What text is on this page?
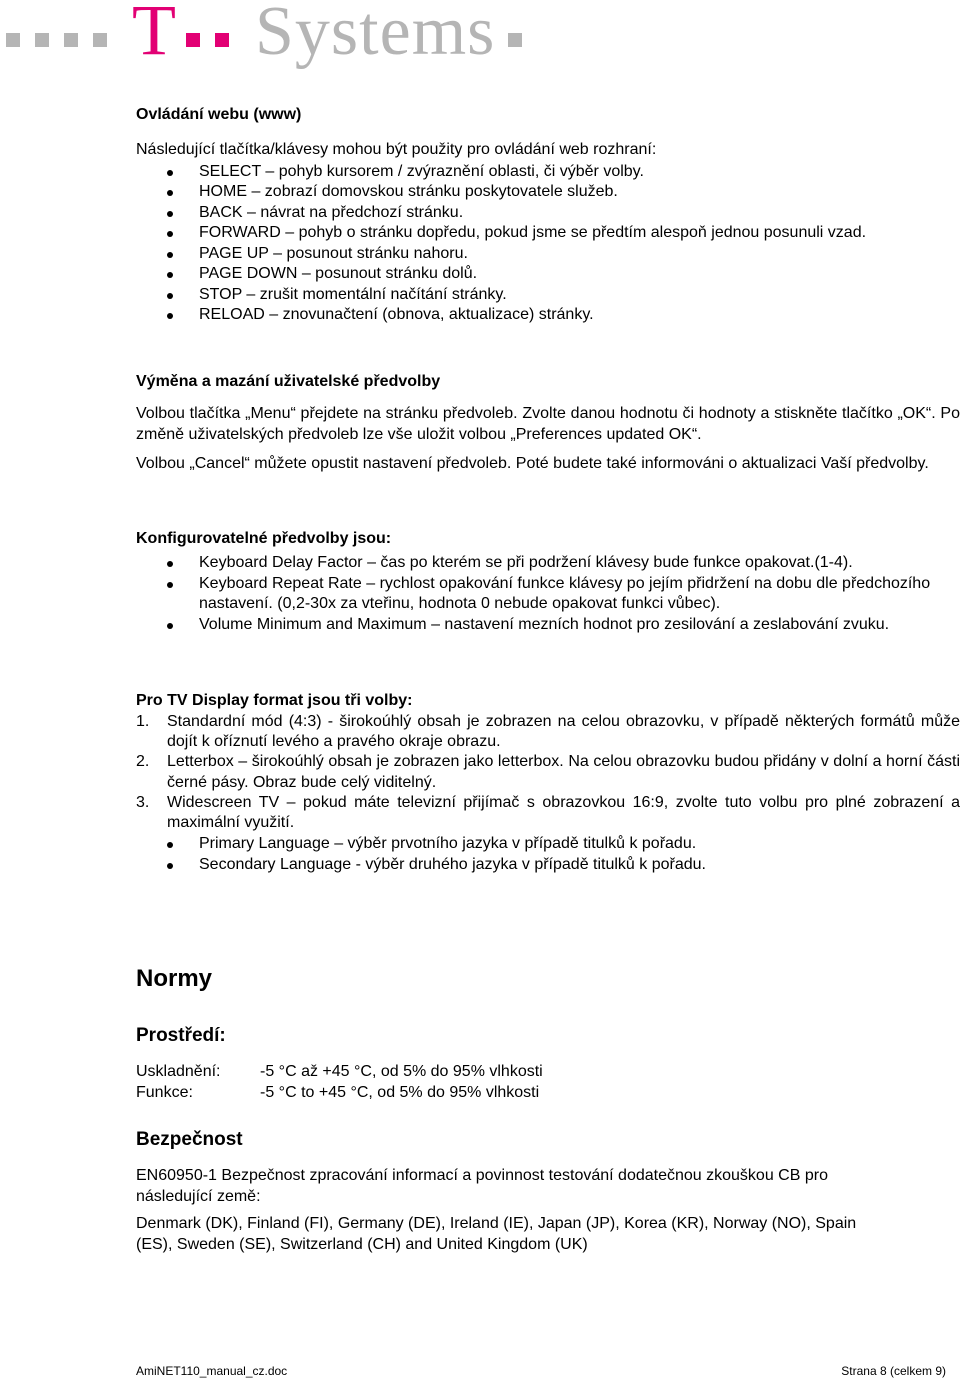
T Systems

Ovládání webu (www)

Následující tlačítka/klávesy mohou být použity pro ovládání web rozhraní:

SELECT – pohyb kursorem / zvýraznění oblasti, či výběr volby.
HOME – zobrazí domovskou stránku poskytovatele služeb.
BACK – návrat na předchozí stránku.
FORWARD – pohyb o stránku dopředu, pokud jsme se předtím alespoň jednou posunuli vzad.
PAGE UP – posunout stránku nahoru.
PAGE DOWN – posunout stránku dolů.
STOP – zrušit momentální načítání stránky.
RELOAD – znovunačtení (obnova, aktualizace) stránky.

Výměna a mazání uživatelské předvolby

Volbou tlačítka „Menu“ přejdete na stránku předvoleb. Zvolte danou hodnotu či hodnoty a stiskněte tlačítko „OK“. Po změně uživatelských předvoleb lze vše uložit volbou „Preferences updated OK“.

Volbou „Cancel“ můžete opustit nastavení předvoleb. Poté budete také informováni o aktualizaci Vaší předvolby.

Konfigurovatelné předvolby jsou:

Keyboard Delay Factor – čas po kterém se při podržení klávesy bude funkce opakovat.(1-4).
Keyboard Repeat Rate – rychlost opakování funkce klávesy po jejím přidržení na dobu dle předchozího nastavení. (0,2-30x za vteřinu, hodnota 0 nebude opakovat funkci vůbec).
Volume Minimum and Maximum – nastavení mezních hodnot pro zesilování a zeslabování zvuku.

Pro TV Display format jsou tři volby:

1. Standardní mód (4:3) - širokoúhlý obsah je zobrazen na celou obrazovku, v případě některých formátů může dojít k oříznutí levého a pravého okraje obrazu.
2. Letterbox – širokoúhlý obsah je zobrazen jako letterbox. Na celou obrazovku budou přidány v dolní a horní části černé pásy. Obraz bude celý viditelný.
3. Widescreen TV – pokud máte televizní přijímač s obrazovkou 16:9, zvolte tuto volbu pro plné zobrazení a maximální využití.
Primary Language – výběr prvotního jazyka v případě titulků k pořadu.
Secondary Language - výběr druhého jazyka v případě titulků k pořadu.

Normy

Prostředí:

Uskladnění: -5 °C až +45 °C, od 5% do 95% vlhkosti
Funkce:	-5 °C to +45 °C, od 5% do 95% vlhkosti

Bezpečnost

EN60950-1 Bezpečnost zpracování informací a povinnost testování dodatečnou zkouškou CB pro následující země:

Denmark (DK), Finland (FI), Germany (DE), Ireland (IE), Japan (JP), Korea (KR), Norway (NO), Spain (ES), Sweden (SE), Switzerland (CH) and United Kingdom (UK)

AmiNET110_manual_cz.doc	Strana 8 (celkem 9)
